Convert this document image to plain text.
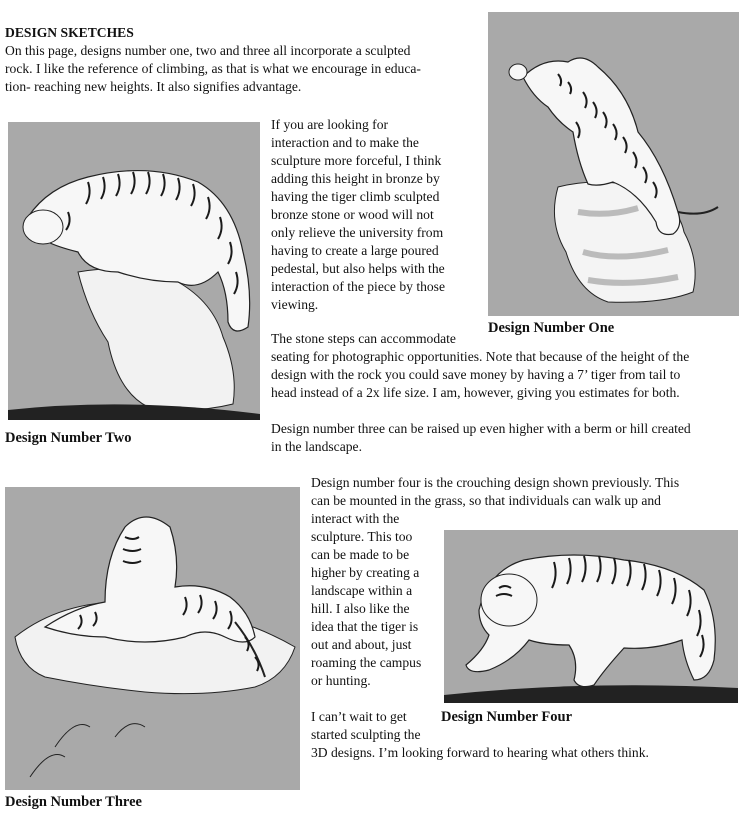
DESIGN SKETCHES

On this page, designs number one, two and three all incorporate a sculpted

rock. I like the reference of climbing, as that is what we encourage in educa-

tion- reaching new heights. It also signifies advantage.

If you are looking for

interaction and to make the

sculpture more forceful, I think

adding this height in bronze by

having the tiger climb sculpted

bronze stone or wood will not

only relieve the university from

having to create a large poured

pedestal, but also helps with the

interaction of the piece by those

viewing.

Design Number One

The stone steps can accommodate

seating for photographic opportunities. Note that because of the height of the

design with the rock you could save money by having a 7’ tiger from tail to

head instead of a 2x life size. I am, however, giving you estimates for both.

Design Number Two

Design number three can be raised up even higher with a berm or hill created

in the landscape.

Design number four is the crouching design shown previously. This

can be mounted in the grass, so that individuals can walk up and

interact with the

sculpture. This too

can be made to be

higher by creating a

landscape within a

hill. I also like the

idea that the tiger is

out and about, just

roaming the campus

or hunting.

I can’t wait to get

started sculpting the

3D designs. I’m looking forward to hearing what others think.

Design Number Four

Design Number Three
